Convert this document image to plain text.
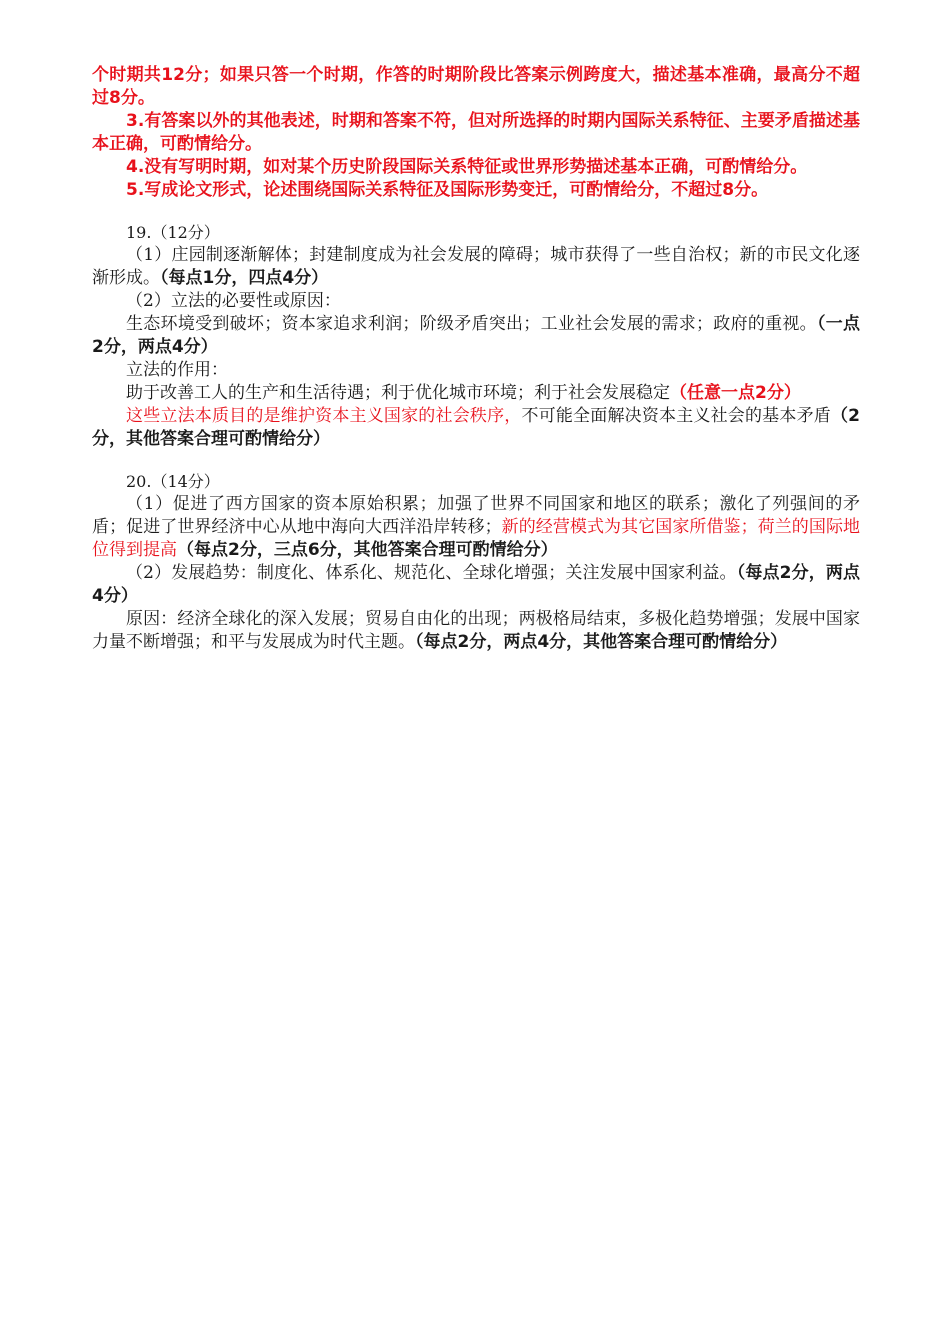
个时期共12分；如果只答一个时期，作答的时期阶段比答案示例跨度大，描述基本准确，最高分不超过8分。

3.有答案以外的其他表述，时期和答案不符，但对所选择的时期内国际关系特征、主要矛盾描述基本正确，可酌情给分。

4.没有写明时期，如对某个历史阶段国际关系特征或世界形势描述基本正确，可酌情给分。

5.写成论文形式，论述围绕国际关系特征及国际形势变迁，可酌情给分，不超过8分。

19.（12分）

（1）庄园制逐渐解体；封建制度成为社会发展的障碍；城市获得了一些自治权；新的市民文化逐渐形成。（每点1分，四点4分）

（2）立法的必要性或原因：

生态环境受到破坏；资本家追求利润；阶级矛盾突出；工业社会发展的需求；政府的重视。（一点2分，两点4分）

立法的作用：

助于改善工人的生产和生活待遇；利于优化城市环境；利于社会发展稳定（任意一点2分）

这些立法本质目的是维护资本主义国家的社会秩序，不可能全面解决资本主义社会的基本矛盾（2分，其他答案合理可酌情给分）

20.（14分）

（1）促进了西方国家的资本原始积累；加强了世界不同国家和地区的联系；激化了列强间的矛盾；促进了世界经济中心从地中海向大西洋沿岸转移；新的经营模式为其它国家所借鉴；荷兰的国际地位得到提高（每点2分，三点6分，其他答案合理可酌情给分）

（2）发展趋势：制度化、体系化、规范化、全球化增强；关注发展中国家利益。（每点2分，两点4分）

原因：经济全球化的深入发展；贸易自由化的出现；两极格局结束，多极化趋势增强；发展中国家力量不断增强；和平与发展成为时代主题。（每点2分，两点4分，其他答案合理可酌情给分）
